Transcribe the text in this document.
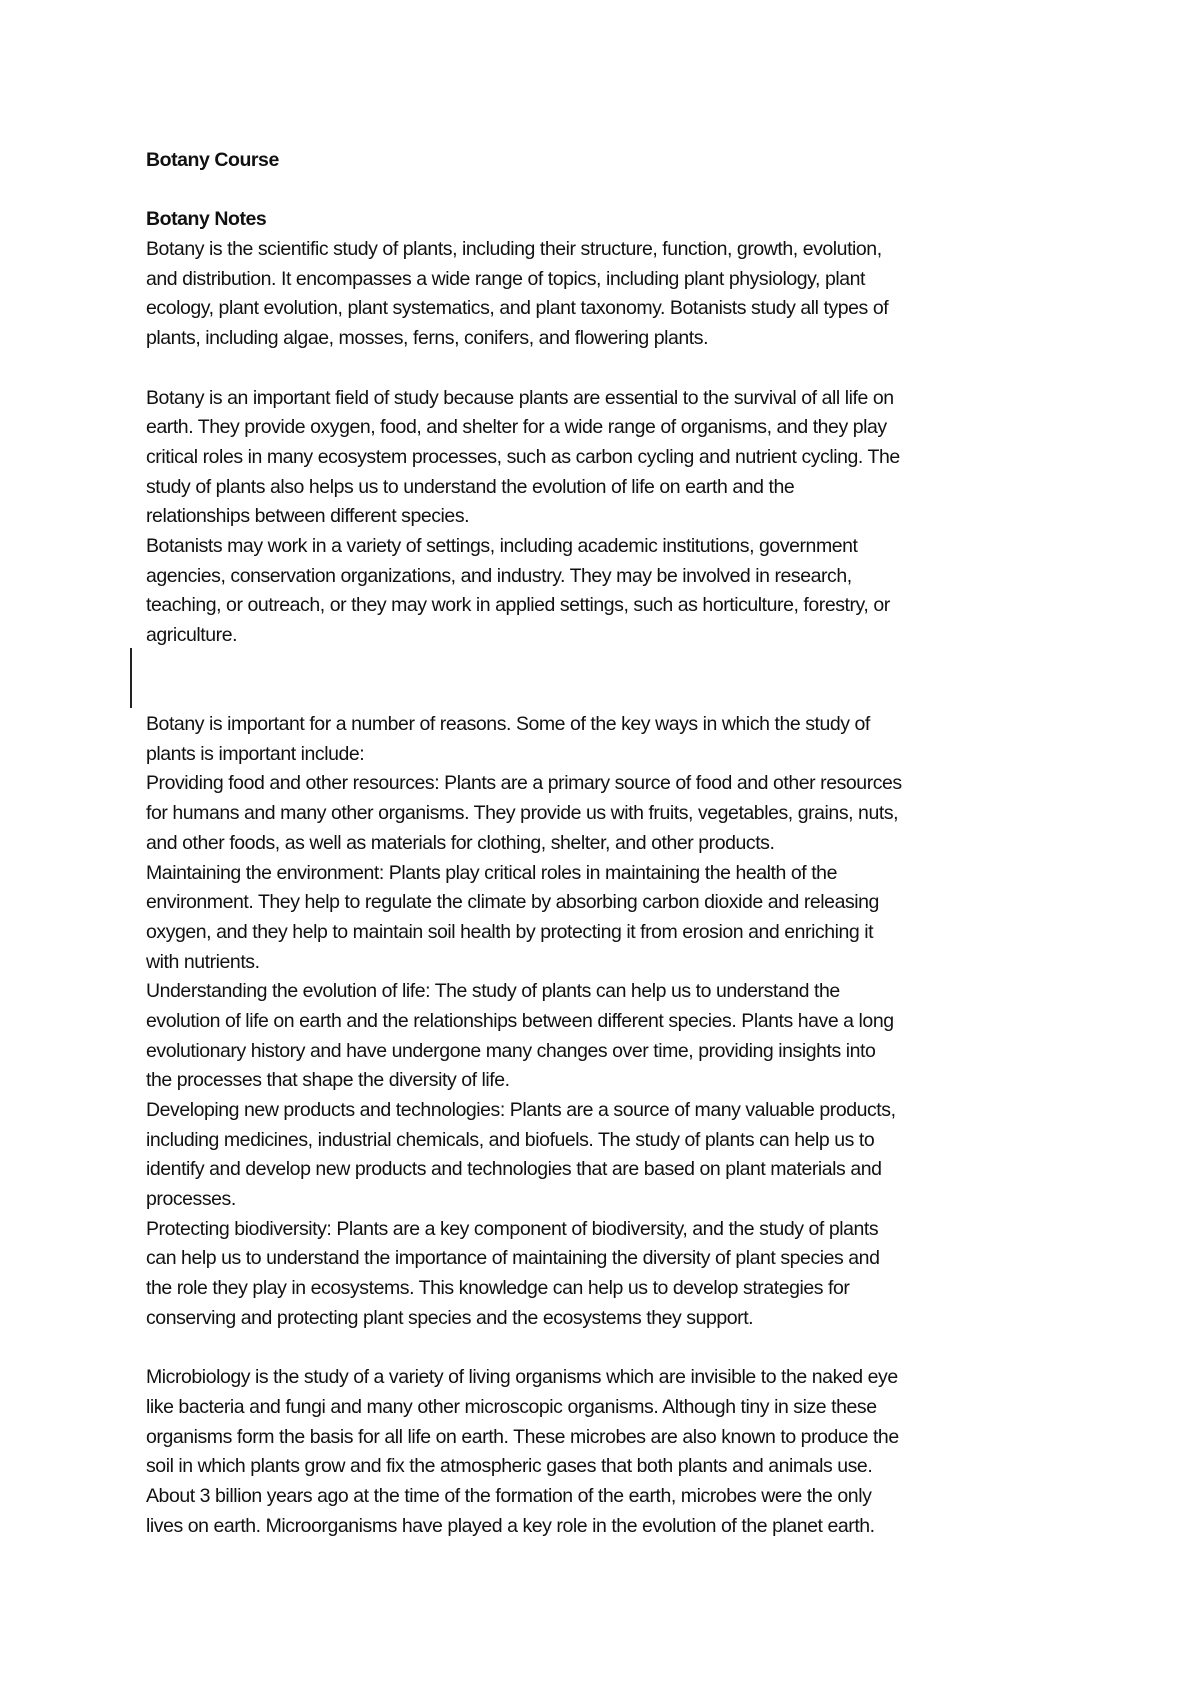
Botany Course
Botany Notes
Botany is the scientific study of plants, including their structure, function, growth, evolution,
and distribution. It encompasses a wide range of topics, including plant physiology, plant
ecology, plant evolution, plant systematics, and plant taxonomy. Botanists study all types of
plants, including algae, mosses, ferns, conifers, and flowering plants.
Botany is an important field of study because plants are essential to the survival of all life on
earth. They provide oxygen, food, and shelter for a wide range of organisms, and they play
critical roles in many ecosystem processes, such as carbon cycling and nutrient cycling. The
study of plants also helps us to understand the evolution of life on earth and the
relationships between different species.
Botanists may work in a variety of settings, including academic institutions, government
agencies, conservation organizations, and industry. They may be involved in research,
teaching, or outreach, or they may work in applied settings, such as horticulture, forestry, or
agriculture.
Botany is important for a number of reasons. Some of the key ways in which the study of
plants is important include:
Providing food and other resources: Plants are a primary source of food and other resources
for humans and many other organisms. They provide us with fruits, vegetables, grains, nuts,
and other foods, as well as materials for clothing, shelter, and other products.
Maintaining the environment: Plants play critical roles in maintaining the health of the
environment. They help to regulate the climate by absorbing carbon dioxide and releasing
oxygen, and they help to maintain soil health by protecting it from erosion and enriching it
with nutrients.
Understanding the evolution of life: The study of plants can help us to understand the
evolution of life on earth and the relationships between different species. Plants have a long
evolutionary history and have undergone many changes over time, providing insights into
the processes that shape the diversity of life.
Developing new products and technologies: Plants are a source of many valuable products,
including medicines, industrial chemicals, and biofuels. The study of plants can help us to
identify and develop new products and technologies that are based on plant materials and
processes.
Protecting biodiversity: Plants are a key component of biodiversity, and the study of plants
can help us to understand the importance of maintaining the diversity of plant species and
the role they play in ecosystems. This knowledge can help us to develop strategies for
conserving and protecting plant species and the ecosystems they support.
Microbiology is the study of a variety of living organisms which are invisible to the naked eye
like bacteria and fungi and many other microscopic organisms. Although tiny in size these
organisms form the basis for all life on earth. These microbes are also known to produce the
soil in which plants grow and fix the atmospheric gases that both plants and animals use.
About 3 billion years ago at the time of the formation of the earth, microbes were the only
lives on earth. Microorganisms have played a key role in the evolution of the planet earth.
